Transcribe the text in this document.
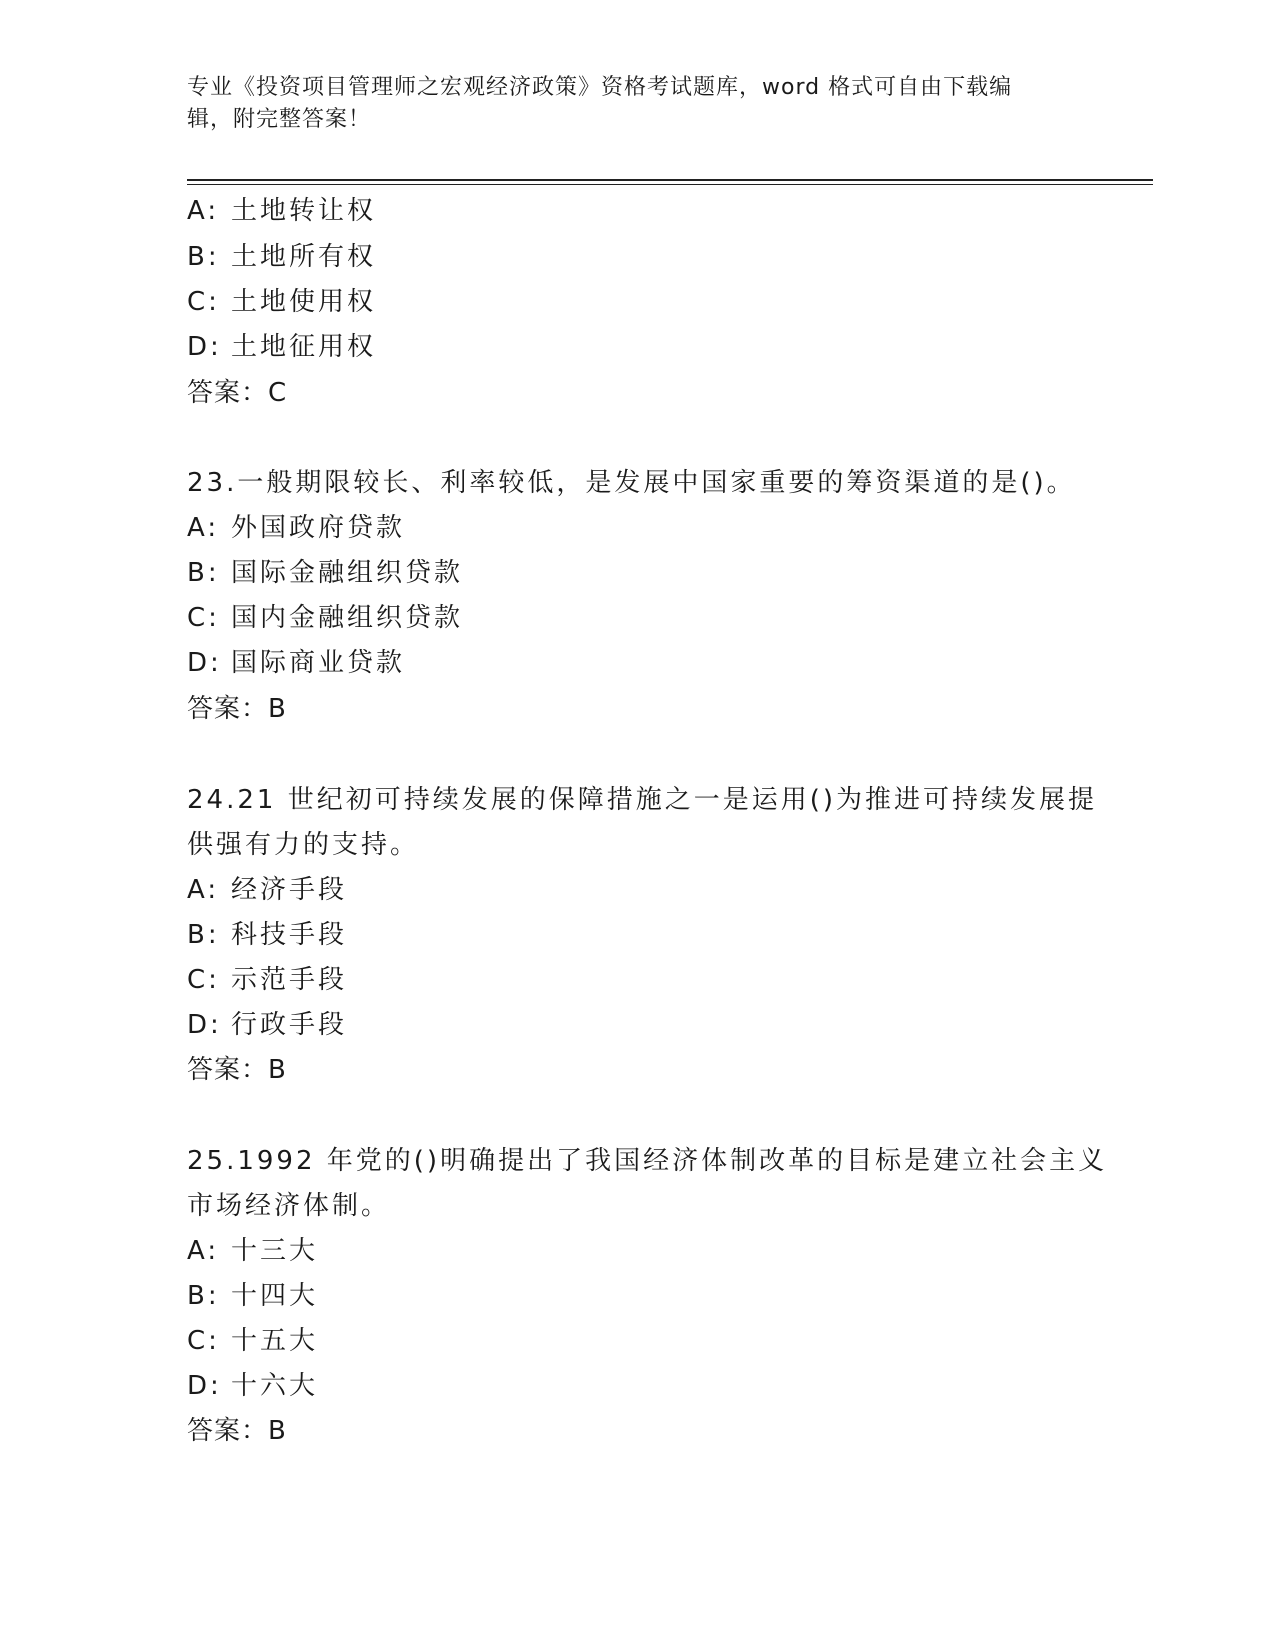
专业《投资项目管理师之宏观经济政策》资格考试题库，word 格式可自由下载编
辑，附完整答案！
A: 土地转让权
B: 土地所有权
C: 土地使用权
D: 土地征用权
答案：C
23.一般期限较长、利率较低，是发展中国家重要的筹资渠道的是()。
A: 外国政府贷款
B: 国际金融组织贷款
C: 国内金融组织贷款
D: 国际商业贷款
答案：B
24.21 世纪初可持续发展的保障措施之一是运用()为推进可持续发展提
供强有力的支持。
A: 经济手段
B: 科技手段
C: 示范手段
D: 行政手段
答案：B
25.1992 年党的()明确提出了我国经济体制改革的目标是建立社会主义
市场经济体制。
A: 十三大
B: 十四大
C: 十五大
D: 十六大
答案：B
